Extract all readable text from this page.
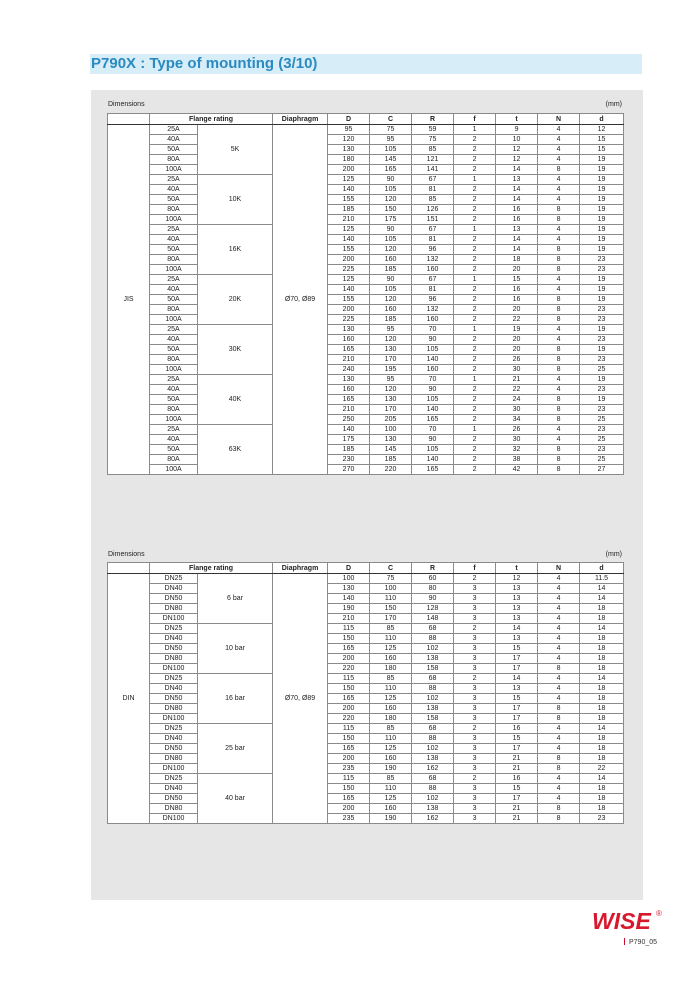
P790X : Type of mounting (3/10)
Dimensions	(mm)
	Flange rating		Diaphragm	D	C	R	f	t	N	d
JIS	25A	5K	Ø70, Ø89	95	75	59	1	9	4	12
	40A			120	95	75	2	10	4	15
	50A			130	105	85	2	12	4	15
	80A			180	145	121	2	12	4	19
	100A			200	165	141	2	14	8	19
	25A	10K		125	90	67	1	13	4	19
	40A			140	105	81	2	14	4	19
	50A			155	120	85	2	14	4	19
	80A			185	150	126	2	16	8	19
	100A			210	175	151	2	16	8	19
	25A	16K		125	90	67	1	13	4	19
	40A			140	105	81	2	14	4	19
	50A			155	120	96	2	14	8	19
	80A			200	160	132	2	18	8	23
	100A			225	185	160	2	20	8	23
	25A	20K		125	90	67	1	15	4	19
	40A			140	105	81	2	16	4	19
	50A			155	120	96	2	16	8	19
	80A			200	160	132	2	20	8	23
	100A			225	185	160	2	22	8	23
	25A	30K		130	95	70	1	19	4	19
	40A			160	120	90	2	20	4	23
	50A			165	130	105	2	20	8	19
	80A			210	170	140	2	26	8	23
	100A			240	195	160	2	30	8	25
	25A	40K		130	95	70	1	21	4	19
	40A			160	120	90	2	22	4	23
	50A			165	130	105	2	24	8	19
	80A			210	170	140	2	30	8	23
	100A			250	205	165	2	34	8	25
	25A	63K		140	100	70	1	26	4	23
	40A			175	130	90	2	30	4	25
	50A			185	145	105	2	32	8	23
	80A			230	185	140	2	38	8	25
	100A			270	220	165	2	42	8	27
Dimensions	(mm)
	Flange rating		Diaphragm	D	C	R	f	t	N	d
DIN	DN25	6 bar	Ø70, Ø89	100	75	60	2	12	4	11.5
	DN40			130	100	80	3	13	4	14
	DN50			140	110	90	3	13	4	14
	DN80			190	150	128	3	13	4	18
	DN100			210	170	148	3	13	4	18
	DN25	10 bar		115	85	68	2	14	4	14
	DN40			150	110	88	3	13	4	18
	DN50			165	125	102	3	15	4	18
	DN80			200	160	138	3	17	4	18
	DN100			220	180	158	3	17	8	18
	DN25	16 bar		115	85	68	2	14	4	14
	DN40			150	110	88	3	13	4	18
	DN50			165	125	102	3	15	4	18
	DN80			200	160	138	3	17	8	18
	DN100			220	180	158	3	17	8	18
	DN25	25 bar		115	85	68	2	16	4	14
	DN40			150	110	88	3	15	4	18
	DN50			165	125	102	3	17	4	18
	DN80			200	160	138	3	21	8	18
	DN100			235	190	162	3	21	8	22
	DN25	40 bar		115	85	68	2	16	4	14
	DN40			150	110	88	3	15	4	18
	DN50			165	125	102	3	17	4	18
	DN80			200	160	138	3	21	8	18
	DN100			235	190	162	3	21	8	23
WISE ®
P790_05
